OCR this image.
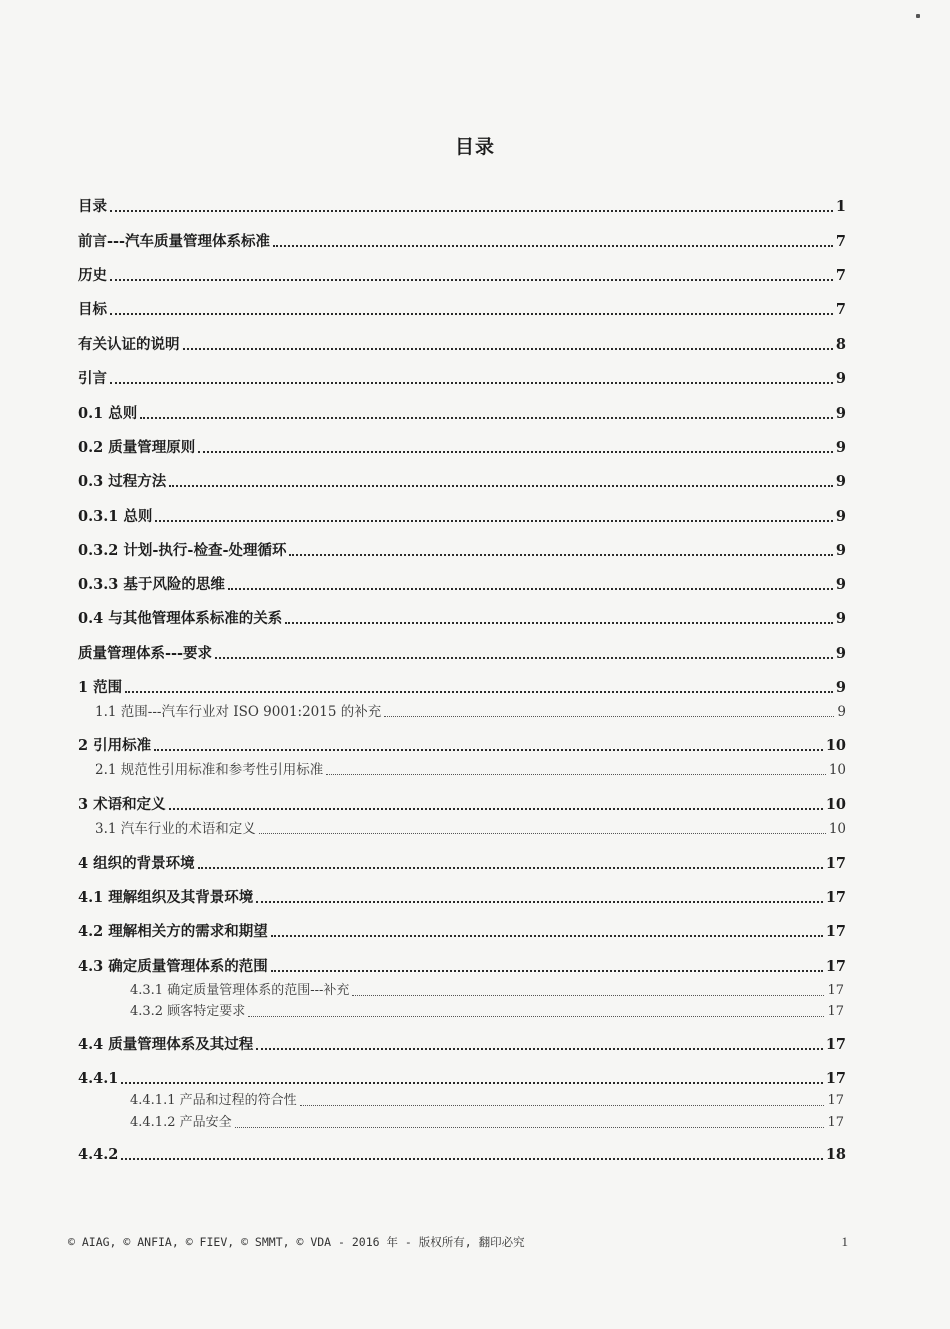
目录
目录	1
前言---汽车质量管理体系标准	7
历史	7
目标	7
有关认证的说明	8
引言	9
0.1 总则	9
0.2 质量管理原则	9
0.3 过程方法	9
0.3.1 总则	9
0.3.2 计划-执行-检查-处理循环	9
0.3.3 基于风险的思维	9
0.4 与其他管理体系标准的关系	9
质量管理体系---要求	9
1 范围	9
1.1 范围---汽车行业对 ISO 9001:2015 的补充	9
2 引用标准	10
2.1 规范性引用标准和参考性引用标准	10
3 术语和定义	10
3.1 汽车行业的术语和定义	10
4 组织的背景环境	17
4.1 理解组织及其背景环境	17
4.2 理解相关方的需求和期望	17
4.3 确定质量管理体系的范围	17
4.3.1 确定质量管理体系的范围---补充	17
4.3.2 顾客特定要求	17
4.4 质量管理体系及其过程	17
4.4.1	17
4.4.1.1 产品和过程的符合性	17
4.4.1.2 产品安全	17
4.4.2	18
© AIAG, © ANFIA, © FIEV, © SMMT, © VDA - 2016 年 - 版权所有, 翻印必究	1
